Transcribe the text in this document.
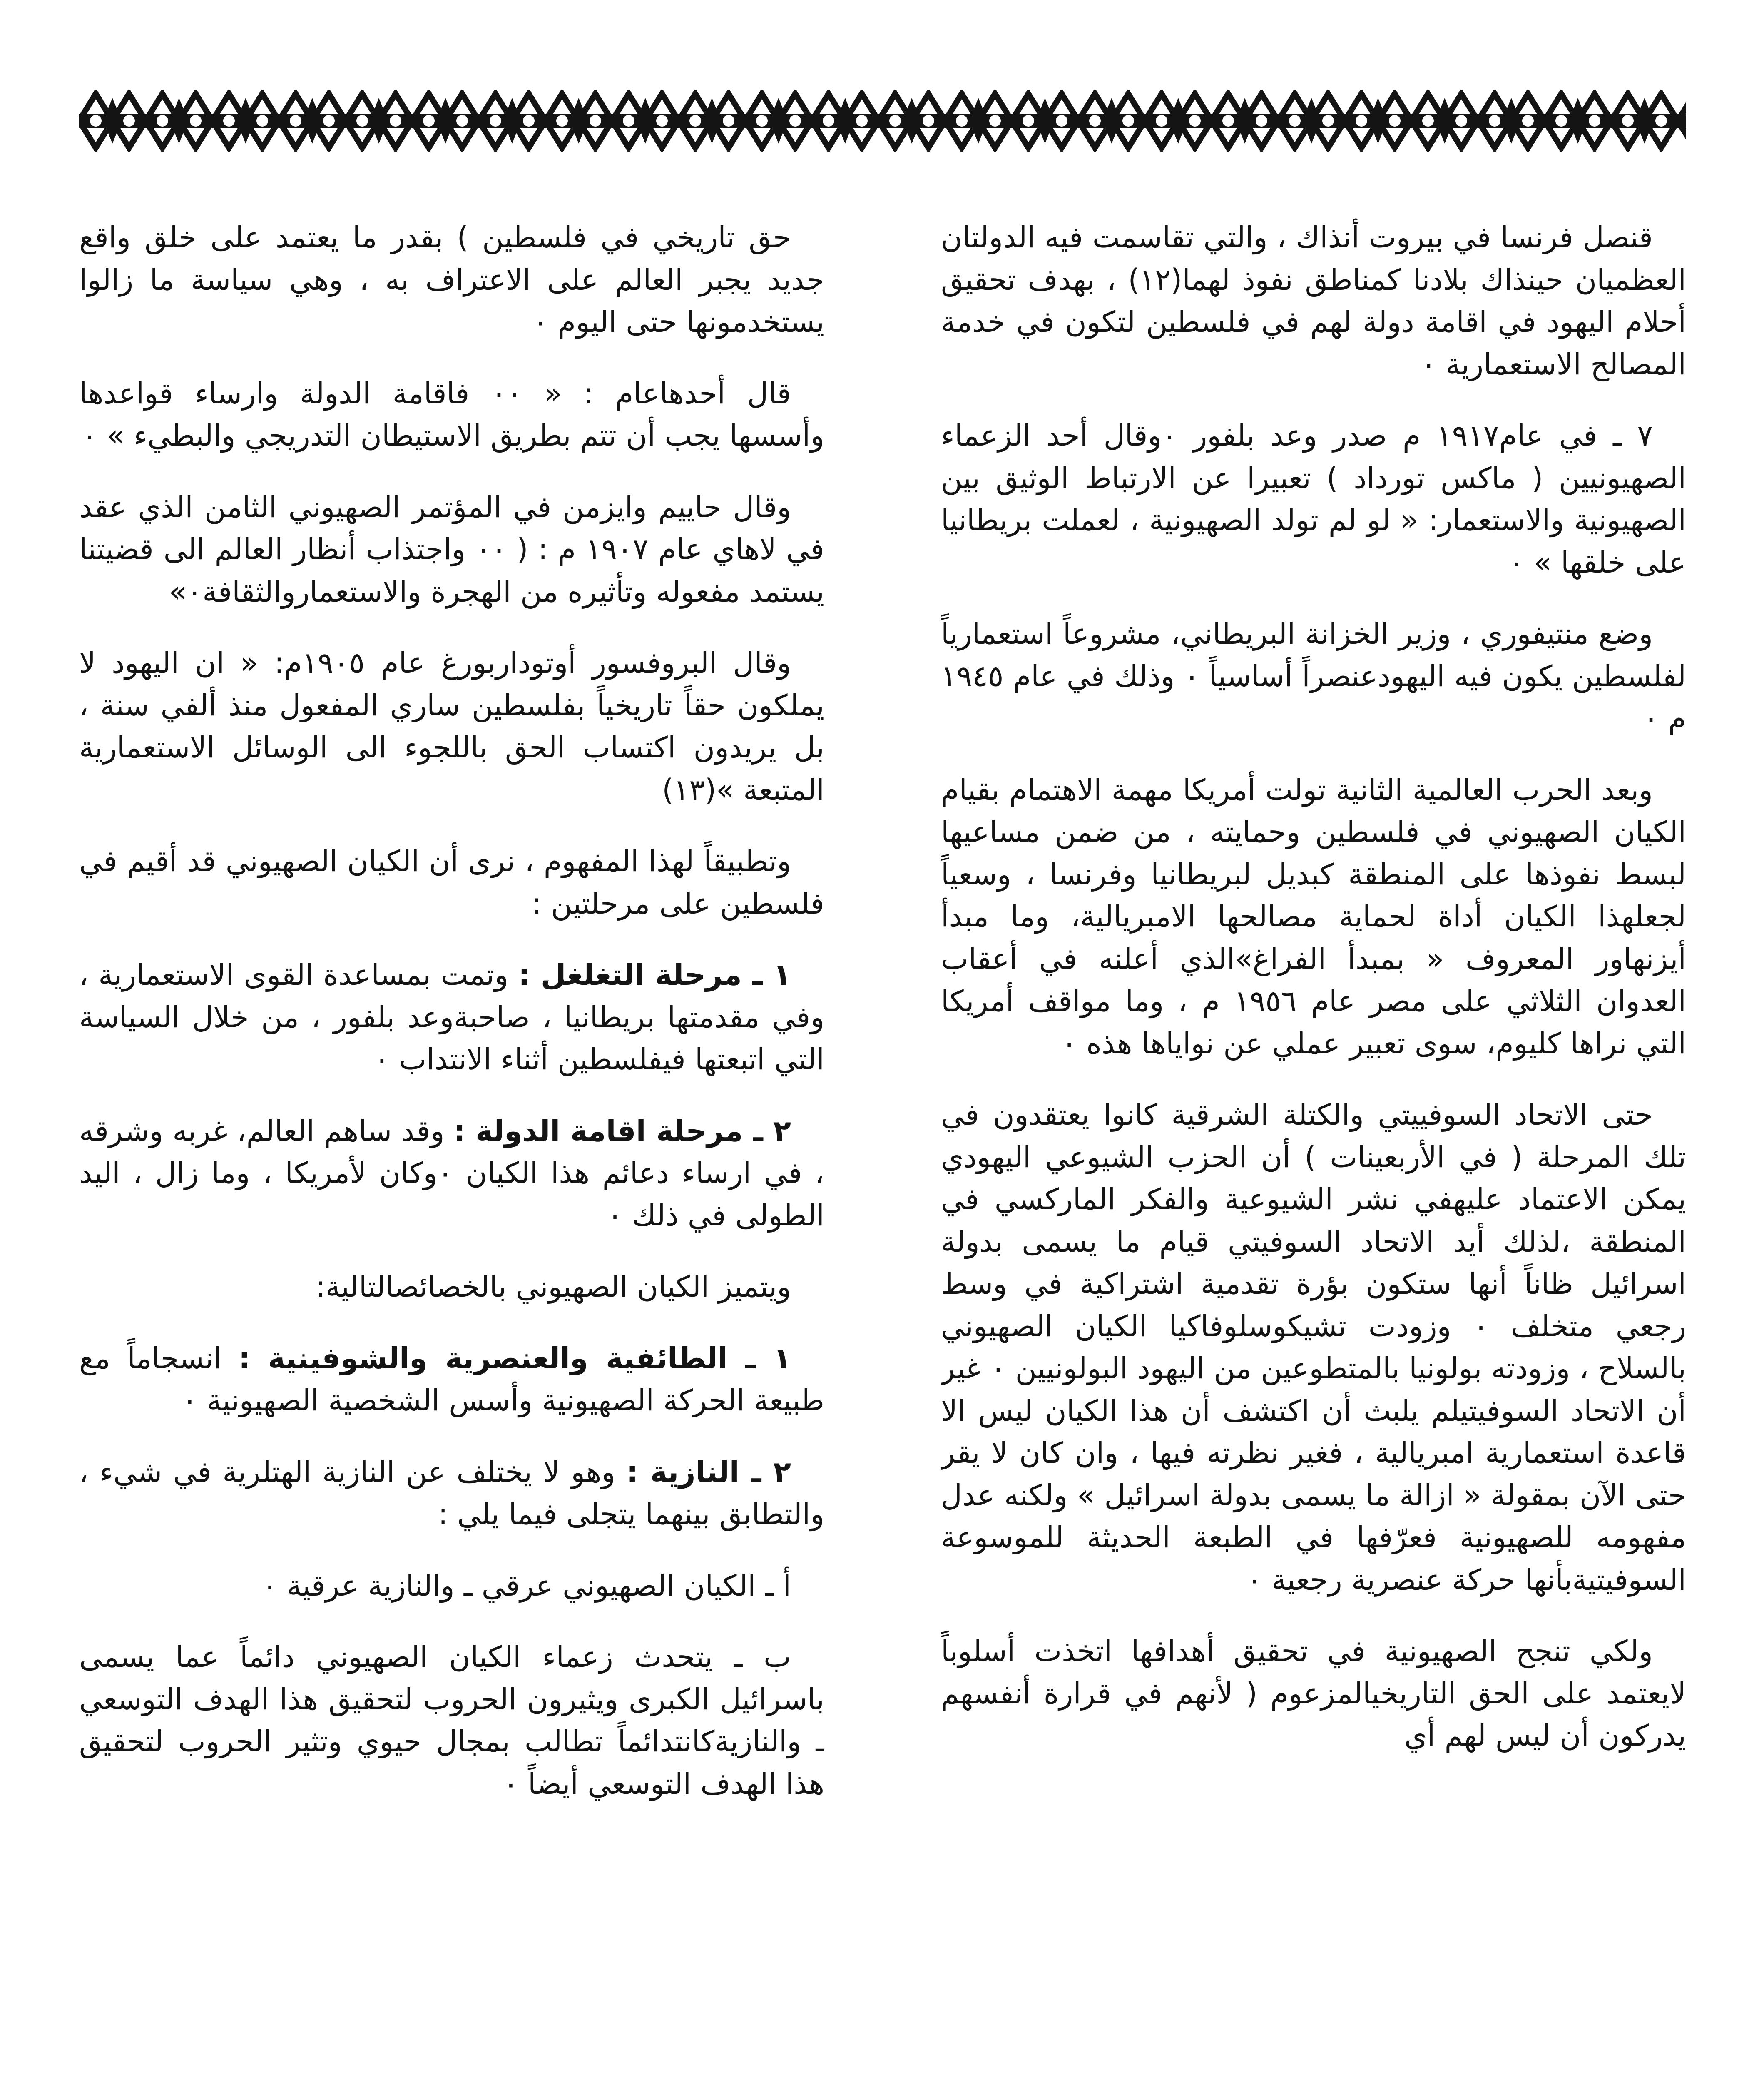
قنصل فرنسا في بيروت أنذاك ، والتي تقاسمت فيه الدولتان العظميان حينذاك بلادنا كمناطق نفوذ لهما(١٢) ، بهدف تحقيق أحلام اليهود في اقامة دولة لهم في فلسطين لتكون في خدمة المصالح الاستعمارية ٠

٧ ـ في عام١٩١٧ م صدر وعد بلفور ٠وقال أحد الزعماء الصهيونيين ( ماكس تورداد ) تعبيرا عن الارتباط الوثيق بين الصهيونية والاستعمار: « لو لم تولد الصهيونية ، لعملت بريطانيا على خلقها » ٠

وضع منتيفوري ، وزير الخزانة البريطاني، مشروعاً استعمارياً لفلسطين يكون فيه اليهودعنصراً أساسياً ٠ وذلك في عام ١٩٤٥ م ٠

وبعد الحرب العالمية الثانية تولت أمريكا مهمة الاهتمام بقيام الكيان الصهيوني في فلسطين وحمايته ، من ضمن مساعيها لبسط نفوذها على المنطقة كبديل لبريطانيا وفرنسا ، وسعياً لجعلهذا الكيان أداة لحماية مصالحها الامبريالية، وما مبدأ أيزنهاور المعروف « بمبدأ الفراغ»الذي أعلنه في أعقاب العدوان الثلاثي على مصر عام ١٩٥٦ م ، وما مواقف أمريكا التي نراها كليوم، سوى تعبير عملي عن نواياها هذه ٠

حتى الاتحاد السوفييتي والكتلة الشرقية كانوا يعتقدون في تلك المرحلة ( في الأربعينات ) أن الحزب الشيوعي اليهودي يمكن الاعتماد عليهفي نشر الشيوعية والفكر الماركسي في المنطقة ،لذلك أيد الاتحاد السوفيتي قيام ما يسمى بدولة اسرائيل ظاناً أنها ستكون بؤرة تقدمية اشتراكية في وسط رجعي متخلف ٠ وزودت تشيكوسلوفاكيا الكيان الصهيوني بالسلاح ، وزودته بولونيا بالمتطوعين من اليهود البولونيين ٠ غير أن الاتحاد السوفيتيلم يلبث أن اكتشف أن هذا الكيان ليس الا قاعدة استعمارية امبريالية ، فغير نظرته فيها ، وان كان لا يقر حتى الآن بمقولة « ازالة ما يسمى بدولة اسرائيل » ولكنه عدل مفهومه للصهيونية فعرّفها في الطبعة الحديثة للموسوعة السوفيتيةبأنها حركة عنصرية رجعية ٠

ولكي تنجح الصهيونية في تحقيق أهدافها اتخذت أسلوباً لايعتمد على الحق التاريخيالمزعوم ( لأنهم في قرارة أنفسهم يدركون أن ليس لهم أي

حق تاريخي في فلسطين ) بقدر ما يعتمد على خلق واقع جديد يجبر العالم على الاعتراف به ، وهي سياسة ما زالوا يستخدمونها حتى اليوم ٠

قال أحدهاعام : « ٠٠ فاقامة الدولة وارساء قواعدها وأسسها يجب أن تتم بطريق الاستيطان التدريجي والبطيء » ٠

وقال حاييم وايزمن في المؤتمر الصهيوني الثامن الذي عقد في لاهاي عام ١٩٠٧ م : ( ٠٠ واجتذاب أنظار العالم الى قضيتنا يستمد مفعوله وتأثيره من الهجرة والاستعماروالثقافة٠»

وقال البروفسور أوتوداربورغ عام ١٩٠٥م: « ان اليهود لا يملكون حقاً تاريخياً بفلسطين ساري المفعول منذ ألفي سنة ، بل يريدون اكتساب الحق باللجوء الى الوسائل الاستعمارية المتبعة »(١٣)

وتطبيقاً لهذا المفهوم ، نرى أن الكيان الصهيوني قد أقيم في فلسطين على مرحلتين :

١ ـ مرحلة التغلغل : وتمت بمساعدة القوى الاستعمارية ، وفي مقدمتها بريطانيا ، صاحبةوعد بلفور ، من خلال السياسة التي اتبعتها فيفلسطين أثناء الانتداب ٠

٢ ـ مرحلة اقامة الدولة : وقد ساهم العالم، غربه وشرقه ، في ارساء دعائم هذا الكيان ٠وكان لأمريكا ، وما زال ، اليد الطولى في ذلك ٠

ويتميز الكيان الصهيوني بالخصائصالتالية:

١ ـ الطائفية والعنصرية والشوفينية : انسجاماً مع طبيعة الحركة الصهيونية وأسس الشخصية الصهيونية ٠

٢ ـ النازية : وهو لا يختلف عن النازية الهتلرية في شيء ، والتطابق بينهما يتجلى فيما يلي :

أ ـ الكيان الصهيوني عرقي ـ والنازية عرقية ٠

ب ـ يتحدث زعماء الكيان الصهيوني دائماً عما يسمى باسرائيل الكبرى ويثيرون الحروب لتحقيق هذا الهدف التوسعي ـ والنازيةكانتدائماً تطالب بمجال حيوي وتثير الحروب لتحقيق هذا الهدف التوسعي أيضاً ٠
